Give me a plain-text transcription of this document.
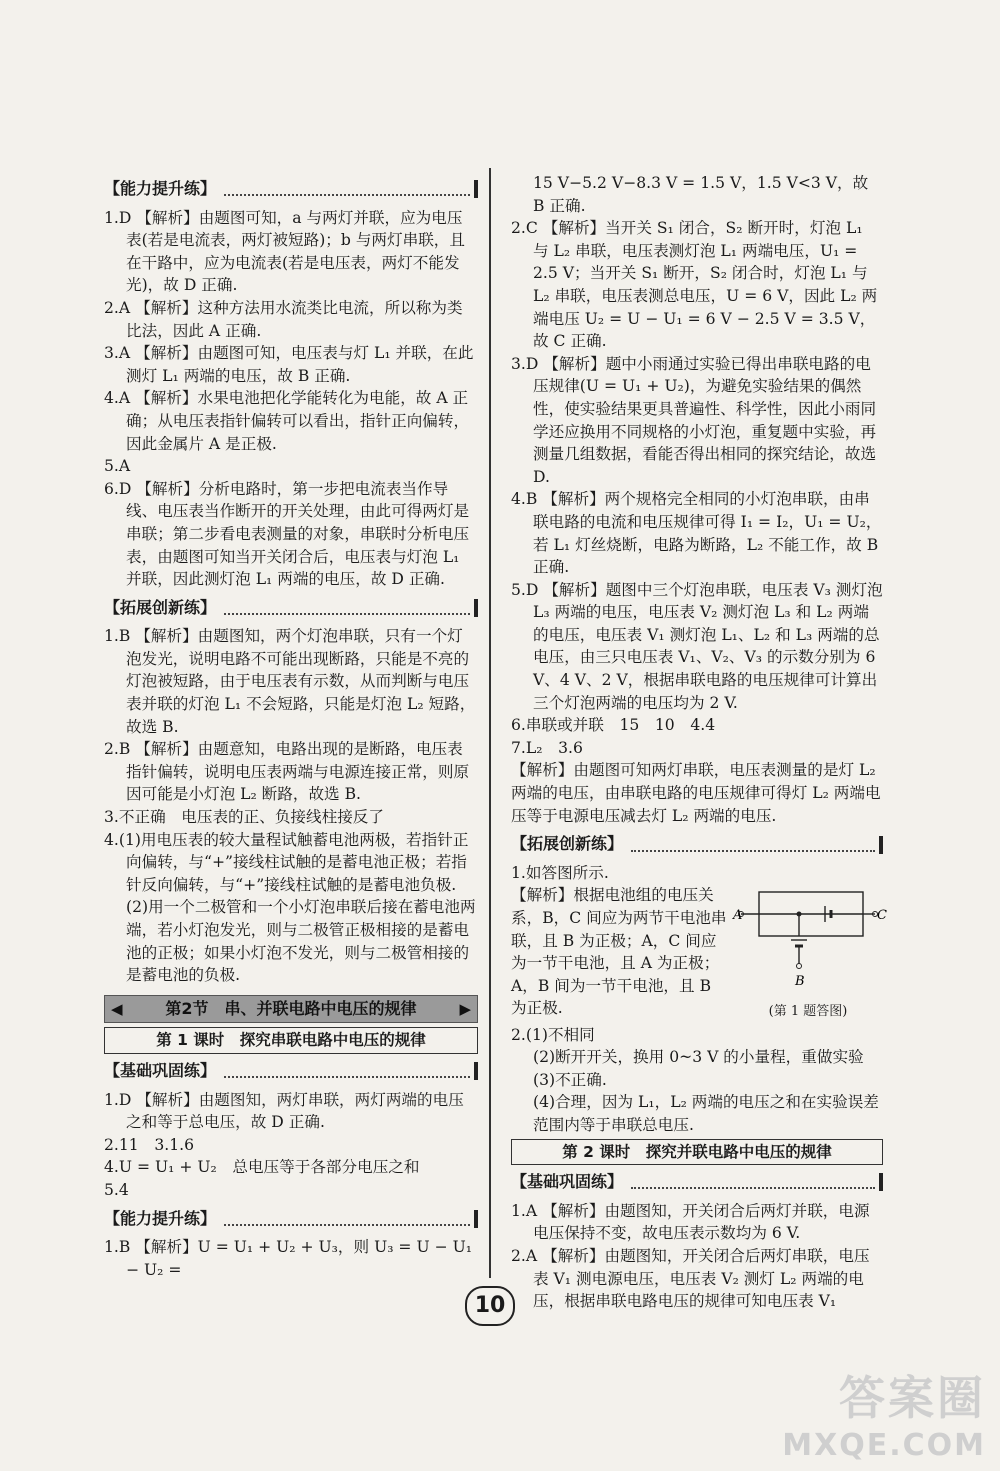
【能力提升练】

1.D 【解析】由题图可知，a 与两灯并联，应为电压表(若是电流表，两灯被短路)；b 与两灯串联，且在干路中，应为电流表(若是电压表，两灯不能发光)，故 D 正确.

2.A 【解析】这种方法用水流类比电流，所以称为类比法，因此 A 正确.

3.A 【解析】由题图可知，电压表与灯 L₁ 并联，在此测灯 L₁ 两端的电压，故 B 正确.

4.A 【解析】水果电池把化学能转化为电能，故 A 正确；从电压表指针偏转可以看出，指针正向偏转，因此金属片 A 是正极.

5.A

6.D 【解析】分析电路时，第一步把电流表当作导线、电压表当作断开的开关处理，由此可得两灯是串联；第二步看电表测量的对象，串联时分析电压表，由题图可知当开关闭合后，电压表与灯泡 L₁ 并联，因此测灯泡 L₁ 两端的电压，故 D 正确.

【拓展创新练】

1.B 【解析】由题图知，两个灯泡串联，只有一个灯泡发光，说明电路不可能出现断路，只能是不亮的灯泡被短路，由于电压表有示数，从而判断与电压表并联的灯泡 L₁ 不会短路，只能是灯泡 L₂ 短路，故选 B.

2.B 【解析】由题意知，电路出现的是断路，电压表指针偏转，说明电压表两端与电源连接正常，则原因可能是小灯泡 L₂ 断路，故选 B.

3.不正确　电压表的正、负接线柱接反了

4.(1)用电压表的较大量程试触蓄电池两极，若指针正向偏转，与“+”接线柱试触的是蓄电池正极；若指针反向偏转，与“+”接线柱试触的是蓄电池负极.

(2)用一个二极管和一个小灯泡串联后接在蓄电池两端，若小灯泡发光，则与二极管正极相接的是蓄电池的正极；如果小灯泡不发光，则与二极管相接的是蓄电池的负极.

◀	第2节　串、并联电路中电压的规律	▶
第 1 课时　探究串联电路中电压的规律
【基础巩固练】

1.D 【解析】由题图知，两灯串联，两灯两端的电压之和等于总电压，故 D 正确.

2.11　3.1.6

4.U = U₁ + U₂　总电压等于各部分电压之和

5.4

【能力提升练】

1.B 【解析】U = U₁ + U₂ + U₃，则 U₃ = U − U₁ − U₂ =

15 V−5.2 V−8.3 V = 1.5 V，1.5 V<3 V，故 B 正确.

2.C 【解析】当开关 S₁ 闭合，S₂ 断开时，灯泡 L₁ 与 L₂ 串联，电压表测灯泡 L₁ 两端电压，U₁ = 2.5 V；当开关 S₁ 断开，S₂ 闭合时，灯泡 L₁ 与 L₂ 串联，电压表测总电压，U = 6 V，因此 L₂ 两端电压 U₂ = U − U₁ = 6 V − 2.5 V = 3.5 V，故 C 正确.

3.D 【解析】题中小雨通过实验已得出串联电路的电压规律(U = U₁ + U₂)，为避免实验结果的偶然性，使实验结果更具普遍性、科学性，因此小雨同学还应换用不同规格的小灯泡，重复题中实验，再测量几组数据，看能否得出相同的探究结论，故选 D.

4.B 【解析】两个规格完全相同的小灯泡串联，由串联电路的电流和电压规律可得 I₁ = I₂，U₁ = U₂，若 L₁ 灯丝烧断，电路为断路，L₂ 不能工作，故 B 正确.

5.D 【解析】题图中三个灯泡串联，电压表 V₃ 测灯泡 L₃ 两端的电压，电压表 V₂ 测灯泡 L₃ 和 L₂ 两端的电压，电压表 V₁ 测灯泡 L₁、L₂ 和 L₃ 两端的总电压，由三只电压表 V₁、V₂、V₃ 的示数分别为 6 V、4 V、2 V，根据串联电路的电压规律可计算出三个灯泡两端的电压均为 2 V.

6.串联或并联　15　10　4.4

7.L₂　3.6

【解析】由题图可知两灯串联，电压表测量的是灯 L₂ 两端的电压，由串联电路的电压规律可得灯 L₂ 两端电压等于电源电压减去灯 L₂ 两端的电压.

【拓展创新练】

1.如答图所示.

【解析】根据电池组的电压关系，B，C 间应为两节干电池串联，且 B 为正极；A，C 间应为一节干电池，且 A 为正极；A，B 间为一节干电池，且 B 为正极.
A	C
B
(第 1 题答图)

2.(1)不相同

(2)断开开关，换用 0~3 V 的小量程，重做实验

(3)不正确.

(4)合理，因为 L₁，L₂ 两端的电压之和在实验误差范围内等于串联总电压.

第 2 课时　探究并联电路中电压的规律
【基础巩固练】

1.A 【解析】由题图知，开关闭合后两灯并联，电源电压保持不变，故电压表示数均为 6 V.

2.A 【解析】由题图知，开关闭合后两灯串联，电压表 V₁ 测电源电压，电压表 V₂ 测灯 L₂ 两端的电压，根据串联电路电压的规律可知电压表 V₁

10
答案圈
MXQE.COM
